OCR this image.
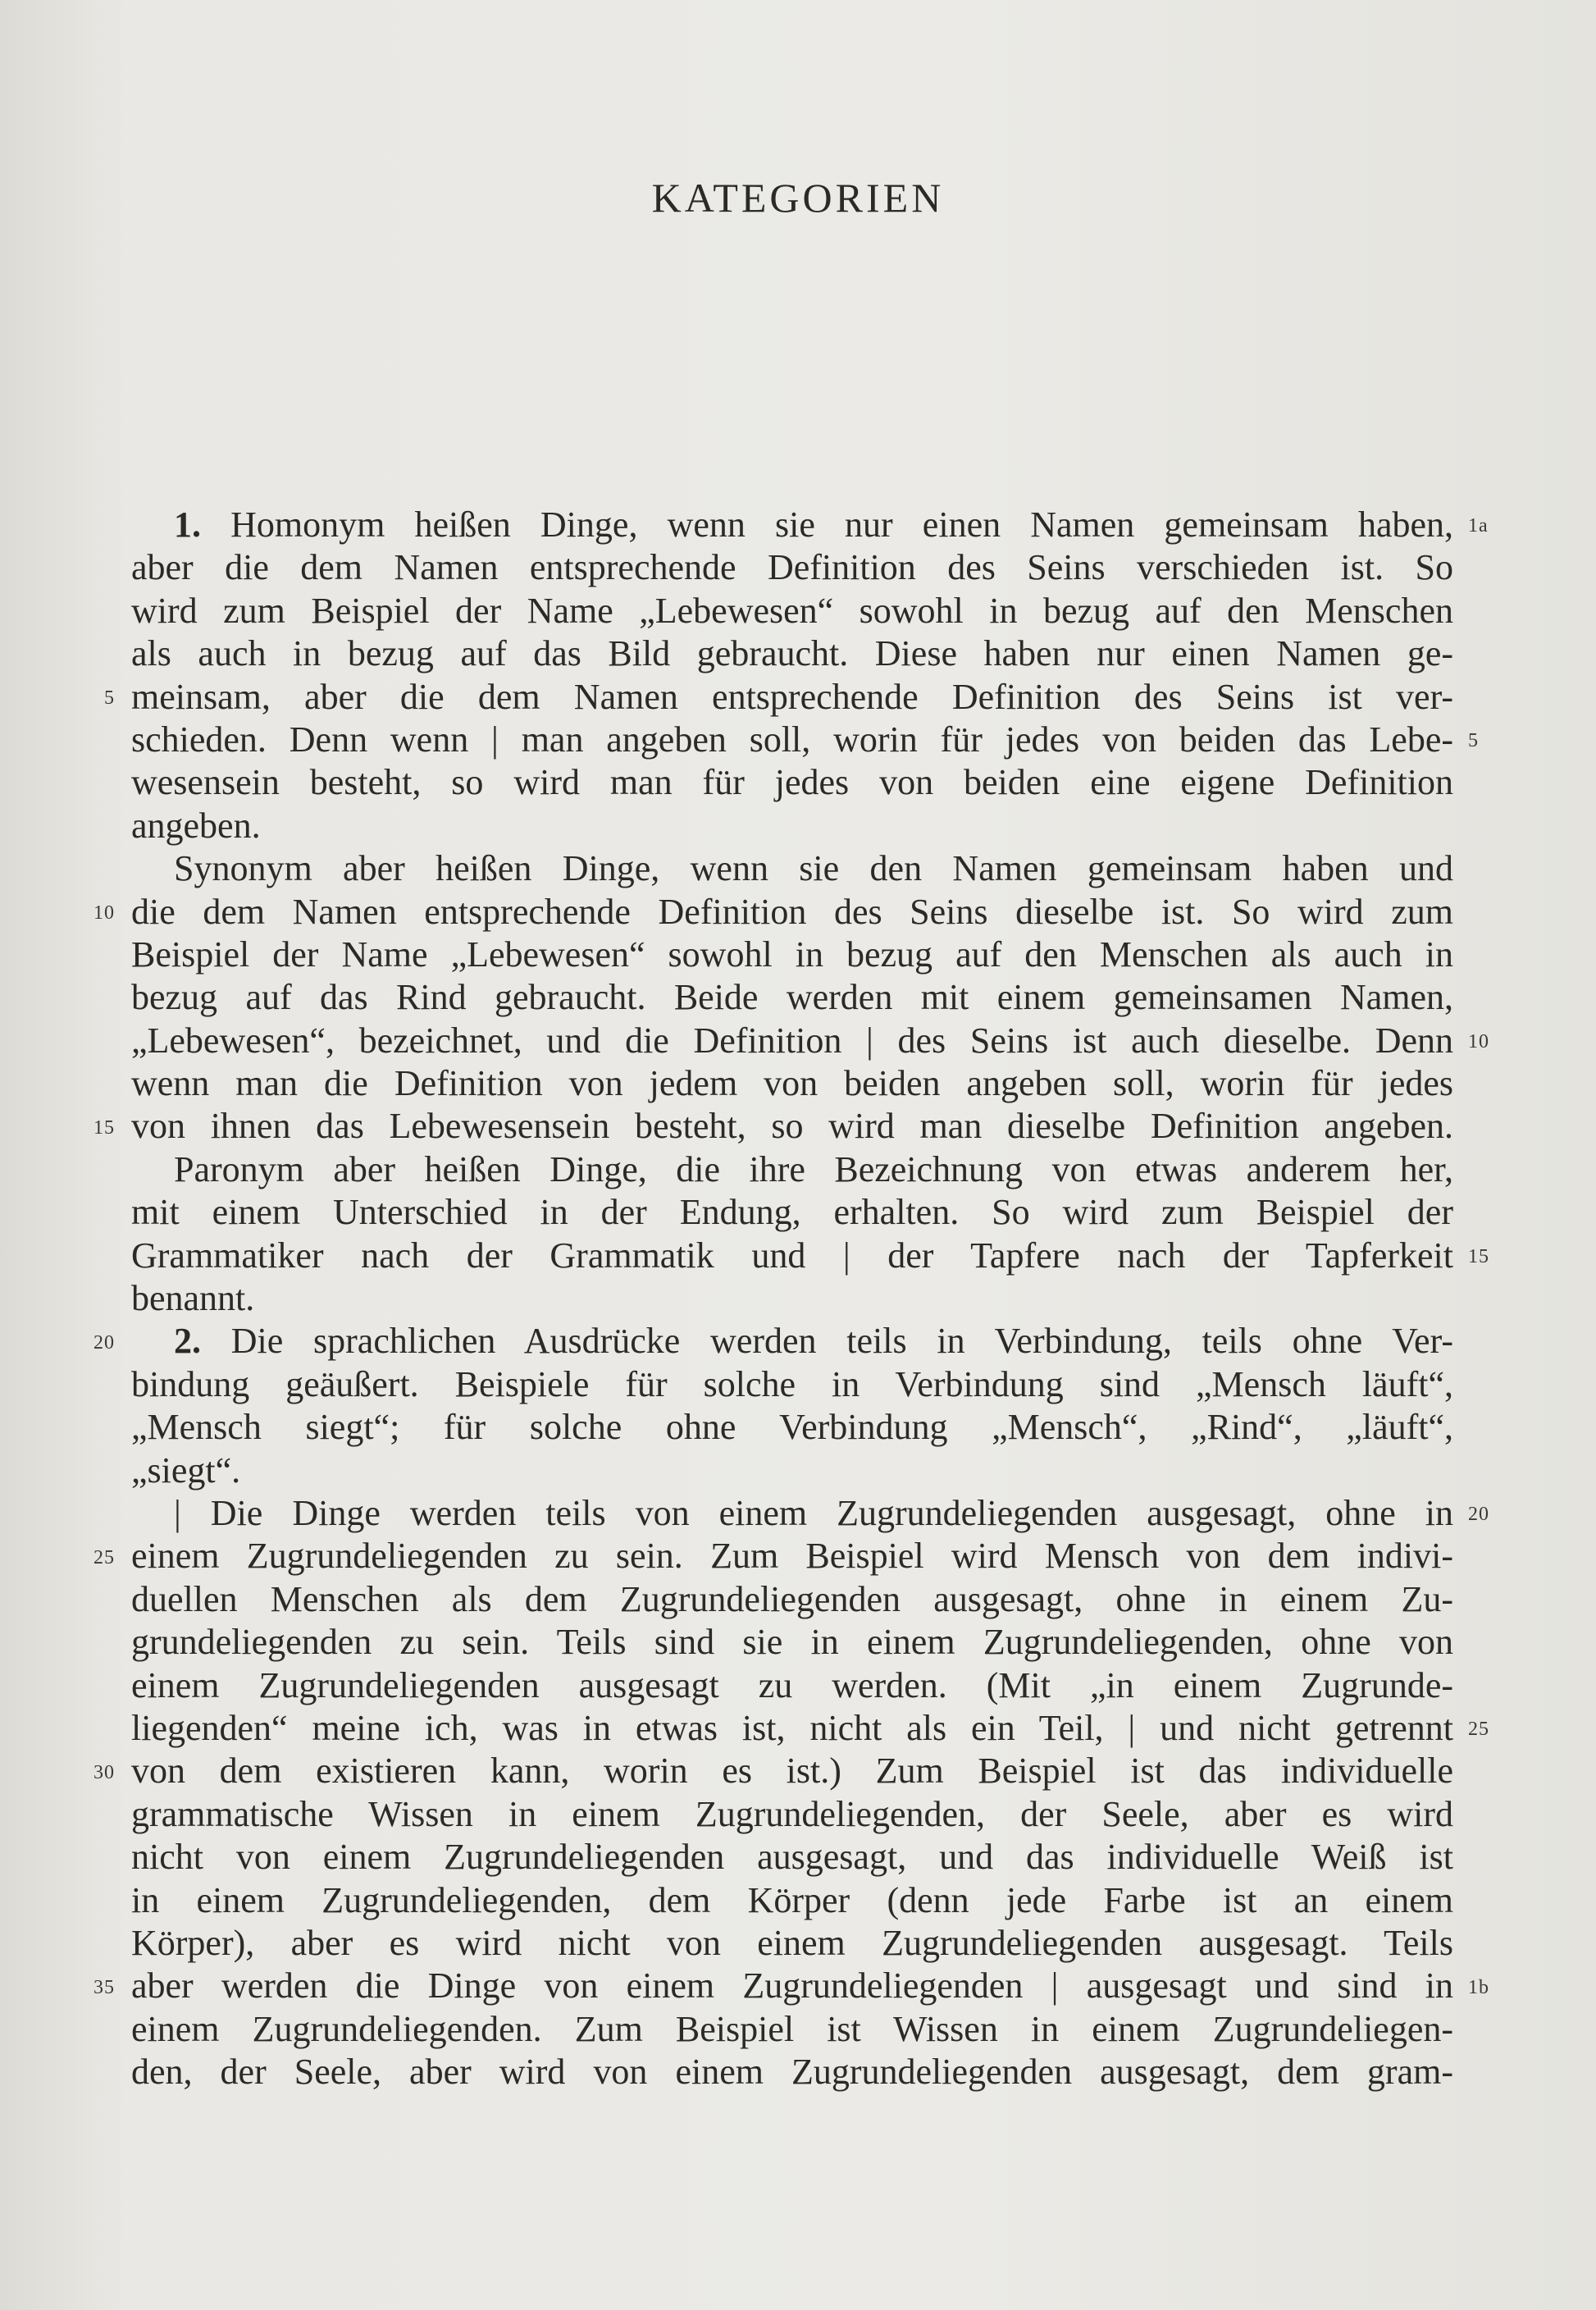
KATEGORIEN
1. Homonym heißen Dinge, wenn sie nur einen Namen gemeinsam haben,
aber die dem Namen entsprechende Definition des Seins verschieden ist. So
wird zum Beispiel der Name „Lebewesen“ sowohl in bezug auf den Menschen
als auch in bezug auf das Bild gebraucht. Diese haben nur einen Namen ge-
meinsam, aber die dem Namen entsprechende Definition des Seins ist ver-
schieden. Denn wenn | man angeben soll, worin für jedes von beiden das Lebe-
wesensein besteht, so wird man für jedes von beiden eine eigene Definition
angeben.
Synonym aber heißen Dinge, wenn sie den Namen gemeinsam haben und
die dem Namen entsprechende Definition des Seins dieselbe ist. So wird zum
Beispiel der Name „Lebewesen“ sowohl in bezug auf den Menschen als auch in
bezug auf das Rind gebraucht. Beide werden mit einem gemeinsamen Namen,
„Lebewesen“, bezeichnet, und die Definition | des Seins ist auch dieselbe. Denn
wenn man die Definition von jedem von beiden angeben soll, worin für jedes
von ihnen das Lebewesensein besteht, so wird man dieselbe Definition angeben.
Paronym aber heißen Dinge, die ihre Bezeichnung von etwas anderem her,
mit einem Unterschied in der Endung, erhalten. So wird zum Beispiel der
Grammatiker nach der Grammatik und | der Tapfere nach der Tapferkeit
benannt.
2. Die sprachlichen Ausdrücke werden teils in Verbindung, teils ohne Ver-
bindung geäußert. Beispiele für solche in Verbindung sind „Mensch läuft“,
„Mensch siegt“; für solche ohne Verbindung „Mensch“, „Rind“, „läuft“,
„siegt“.
| Die Dinge werden teils von einem Zugrundeliegenden ausgesagt, ohne in
einem Zugrundeliegenden zu sein. Zum Beispiel wird Mensch von dem indivi-
duellen Menschen als dem Zugrundeliegenden ausgesagt, ohne in einem Zu-
grundeliegenden zu sein. Teils sind sie in einem Zugrundeliegenden, ohne von
einem Zugrundeliegenden ausgesagt zu werden. (Mit „in einem Zugrunde-
liegenden“ meine ich, was in etwas ist, nicht als ein Teil, | und nicht getrennt
von dem existieren kann, worin es ist.) Zum Beispiel ist das individuelle
grammatische Wissen in einem Zugrundeliegenden, der Seele, aber es wird
nicht von einem Zugrundeliegenden ausgesagt, und das individuelle Weiß ist
in einem Zugrundeliegenden, dem Körper (denn jede Farbe ist an einem
Körper), aber es wird nicht von einem Zugrundeliegenden ausgesagt. Teils
aber werden die Dinge von einem Zugrundeliegenden | ausgesagt und sind in
einem Zugrundeliegenden. Zum Beispiel ist Wissen in einem Zugrundeliegen-
den, der Seele, aber wird von einem Zugrundeliegenden ausgesagt, dem gram-
1a
5
5
10
10
15
15
20
20
25
25
30
35	1b
